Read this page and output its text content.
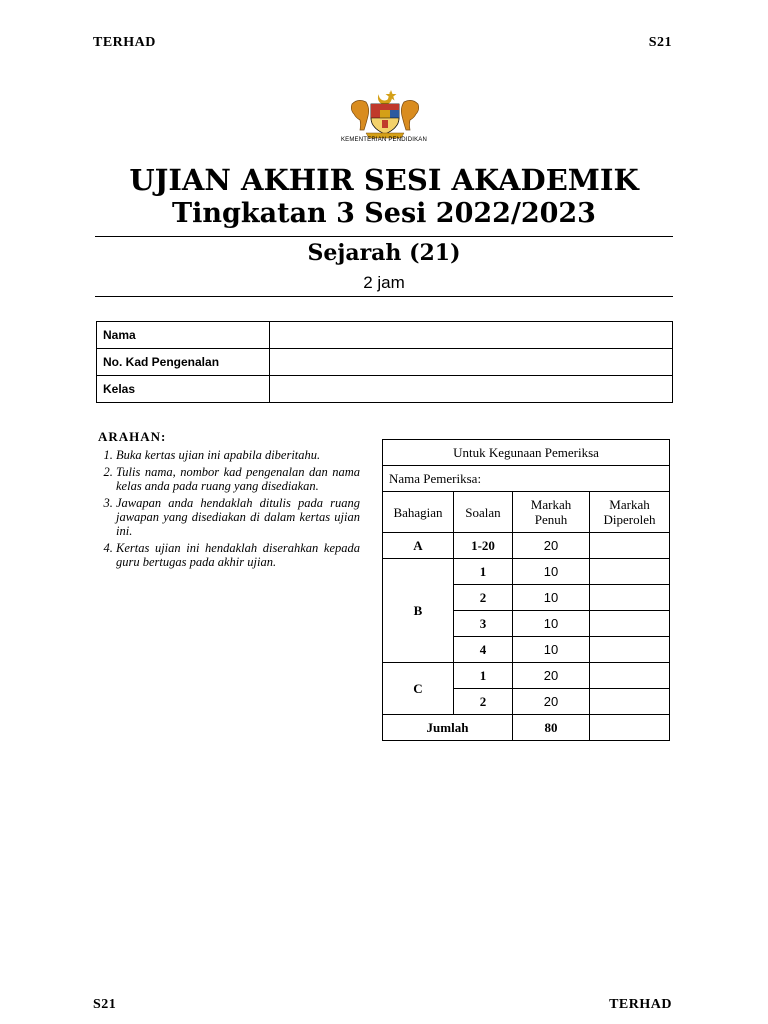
TERHAD	S21
KEMENTERIAN PENDIDIKAN
UJIAN AKHIR SESI AKADEMIK
Tingkatan 3 Sesi 2022/2023
Sejarah (21)
2 jam
Nama	
No. Kad Pengenalan	
Kelas	
ARAHAN:
1. Buka kertas ujian ini apabila diberitahu.
2. Tulis nama, nombor kad pengenalan dan nama kelas anda pada ruang yang disediakan.
3. Jawapan anda hendaklah ditulis pada ruang jawapan yang disediakan di dalam kertas ujian ini.
4. Kertas ujian ini hendaklah diserahkan kepada guru bertugas pada akhir ujian.
Untuk Kegunaan Pemeriksa			
Nama Pemeriksa:			
Bahagian	Soalan	Markah Penuh	Markah Diperoleh
A	1-20	20	
B	1	10	
	2	10	
	3	10	
	4	10	
C	1	20	
	2	20	
Jumlah		80	
S21	TERHAD
